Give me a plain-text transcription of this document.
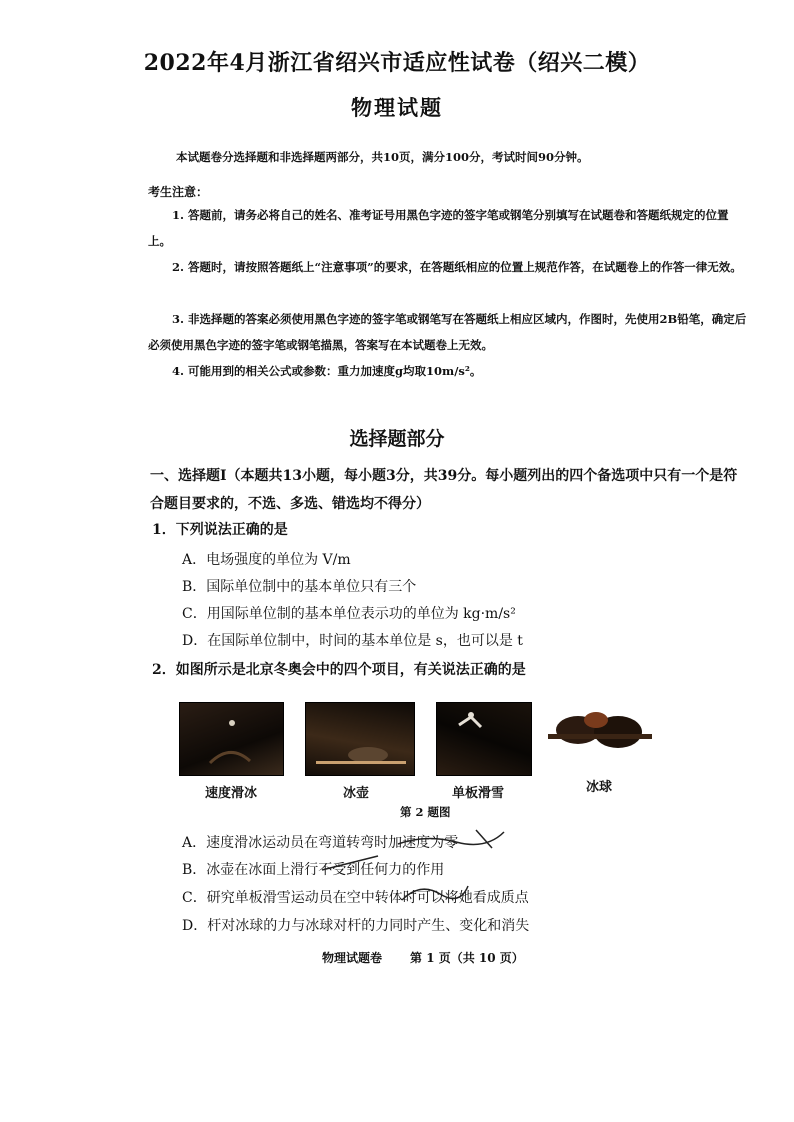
2022年4月浙江省绍兴市适应性试卷（绍兴二模）
物理试题
本试题卷分选择题和非选择题两部分，共10页，满分100分，考试时间90分钟。
考生注意：

1. 答题前，请务必将自己的姓名、准考证号用黑色字迹的签字笔或钢笔分别填写在试题卷和答题纸规定的位置上。

2. 答题时，请按照答题纸上“注意事项”的要求，在答题纸相应的位置上规范作答，在试题卷上的作答一律无效。

3. 非选择题的答案必须使用黑色字迹的签字笔或钢笔写在答题纸上相应区域内，作图时，先使用2B铅笔，确定后必须使用黑色字迹的签字笔或钢笔描黑，答案写在本试题卷上无效。

4. 可能用到的相关公式或参数：重力加速度g均取10m/s²。

选择题部分

一、选择题Ⅰ（本题共13小题，每小题3分，共39分。每小题列出的四个备选项中只有一个是符合题目要求的，不选、多选、错选均不得分）

1．下列说法正确的是
A．电场强度的单位为 V/m
B．国际单位制中的基本单位只有三个
C．用国际单位制的基本单位表示功的单位为 kg·m/s²
D．在国际单位制中，时间的基本单位是 s，也可以是 t
2．如图所示是北京冬奥会中的四个项目，有关说法正确的是
速度滑冰	冰壶	单板滑雪	冰球
第 2 题图
A．速度滑冰运动员在弯道转弯时加速度为零
B．冰壶在冰面上滑行不受到任何力的作用
C．研究单板滑雪运动员在空中转体时可以将她看成质点
D．杆对冰球的力与冰球对杆的力同时产生、变化和消失
物理试题卷 第 1 页（共 10 页）
